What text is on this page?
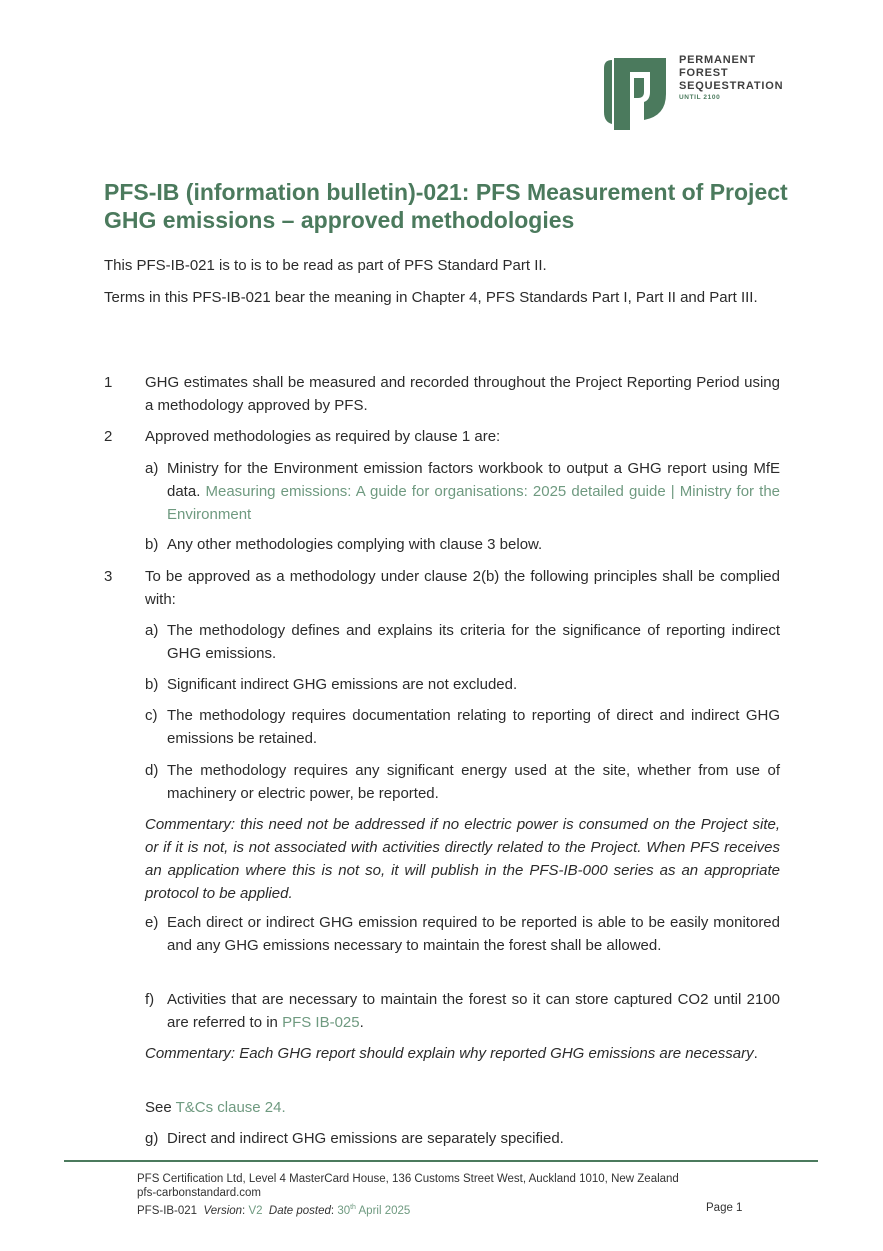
PERMANENT
FOREST
SEQUESTRATION
UNTIL 2100
PFS-IB (information bulletin)-021: PFS Measurement of Project GHG emissions – approved methodologies
This PFS-IB-021 is to is to be read as part of PFS Standard Part II.
Terms in this PFS-IB-021 bear the meaning in Chapter 4, PFS Standards Part I, Part II and Part III.
1 GHG estimates shall be measured and recorded throughout the Project Reporting Period using a methodology approved by PFS.
2 Approved methodologies as required by clause 1 are:
a) Ministry for the Environment emission factors workbook to output a GHG report using MfE data. Measuring emissions: A guide for organisations: 2025 detailed guide | Ministry for the Environment
b) Any other methodologies complying with clause 3 below.
3 To be approved as a methodology under clause 2(b) the following principles shall be complied with:
a) The methodology defines and explains its criteria for the significance of reporting indirect GHG emissions.
b) Significant indirect GHG emissions are not excluded.
c) The methodology requires documentation relating to reporting of direct and indirect GHG emissions be retained.
d) The methodology requires any significant energy used at the site, whether from use of machinery or electric power, be reported.
Commentary: this need not be addressed if no electric power is consumed on the Project site, or if it is not, is not associated with activities directly related to the Project. When PFS receives an application where this is not so, it will publish in the PFS-IB-000 series as an appropriate protocol to be applied.
e) Each direct or indirect GHG emission required to be reported is able to be easily monitored and any GHG emissions necessary to maintain the forest shall be allowed.
f) Activities that are necessary to maintain the forest so it can store captured CO2 until 2100 are referred to in PFS IB-025.
Commentary: Each GHG report should explain why reported GHG emissions are necessary.
See T&Cs clause 24.
g) Direct and indirect GHG emissions are separately specified.
PFS Certification Ltd, Level 4 MasterCard House, 136 Customs Street West, Auckland 1010, New Zealand
pfs-carbonstandard.com
PFS-IB-021 Version: V2 Date posted: 30th April 2025	Page 1
